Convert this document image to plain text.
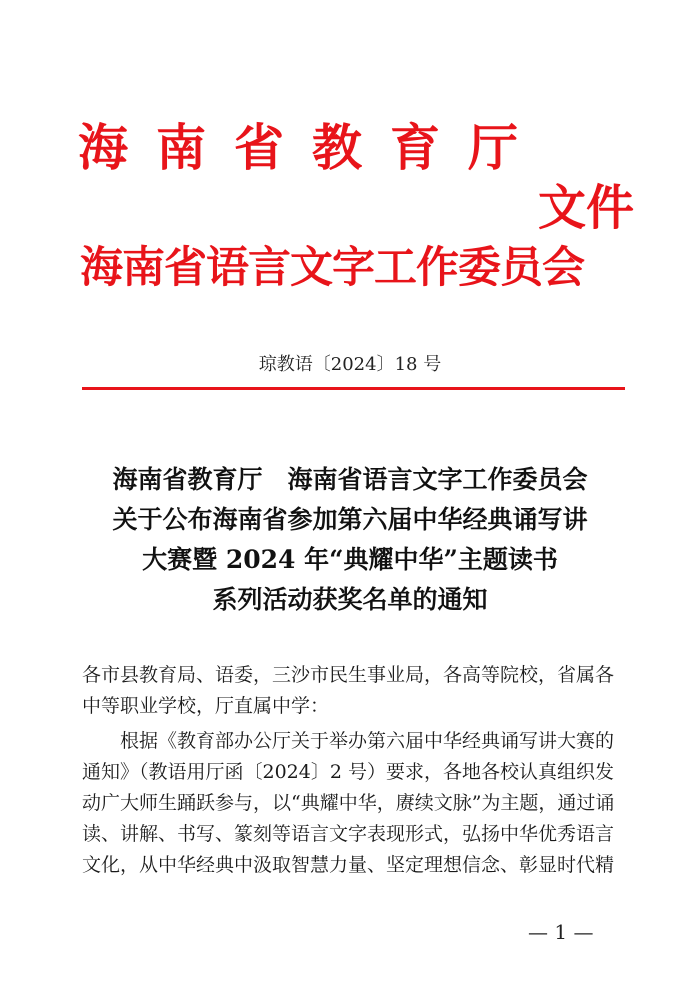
海南省教育厅
文件
海南省语言文字工作委员会
琼教语〔2024〕18 号
海南省教育厅　海南省语言文字工作委员会
关于公布海南省参加第六届中华经典诵写讲
大赛暨 2024 年“典耀中华”主题读书
系列活动获奖名单的通知

各市县教育局、语委，三沙市民生事业局，各高等院校，省属各中等职业学校，厅直属中学：

根据《教育部办公厅关于举办第六届中华经典诵写讲大赛的通知》（教语用厅函〔2024〕2 号）要求，各地各校认真组织发动广大师生踊跃参与，以“典耀中华，赓续文脉”为主题，通过诵读、讲解、书写、篆刻等语言文字表现形式，弘扬中华优秀语言文化，从中华经典中汲取智慧力量、坚定理想信念、彰显时代精

— 1 —
